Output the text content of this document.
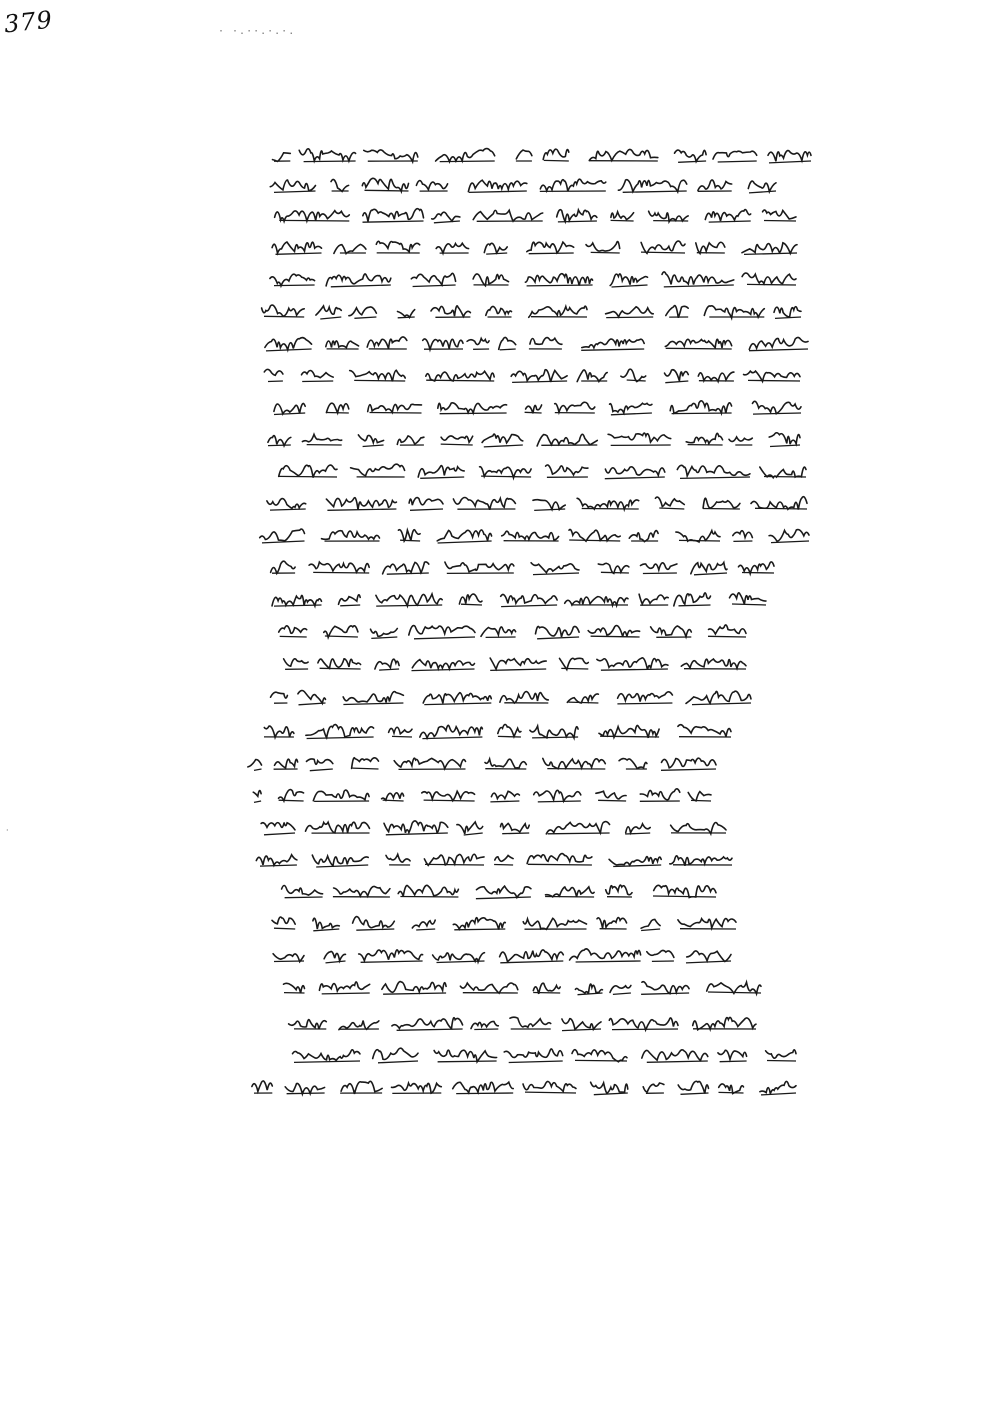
379	· ·.··.·.·.
·
